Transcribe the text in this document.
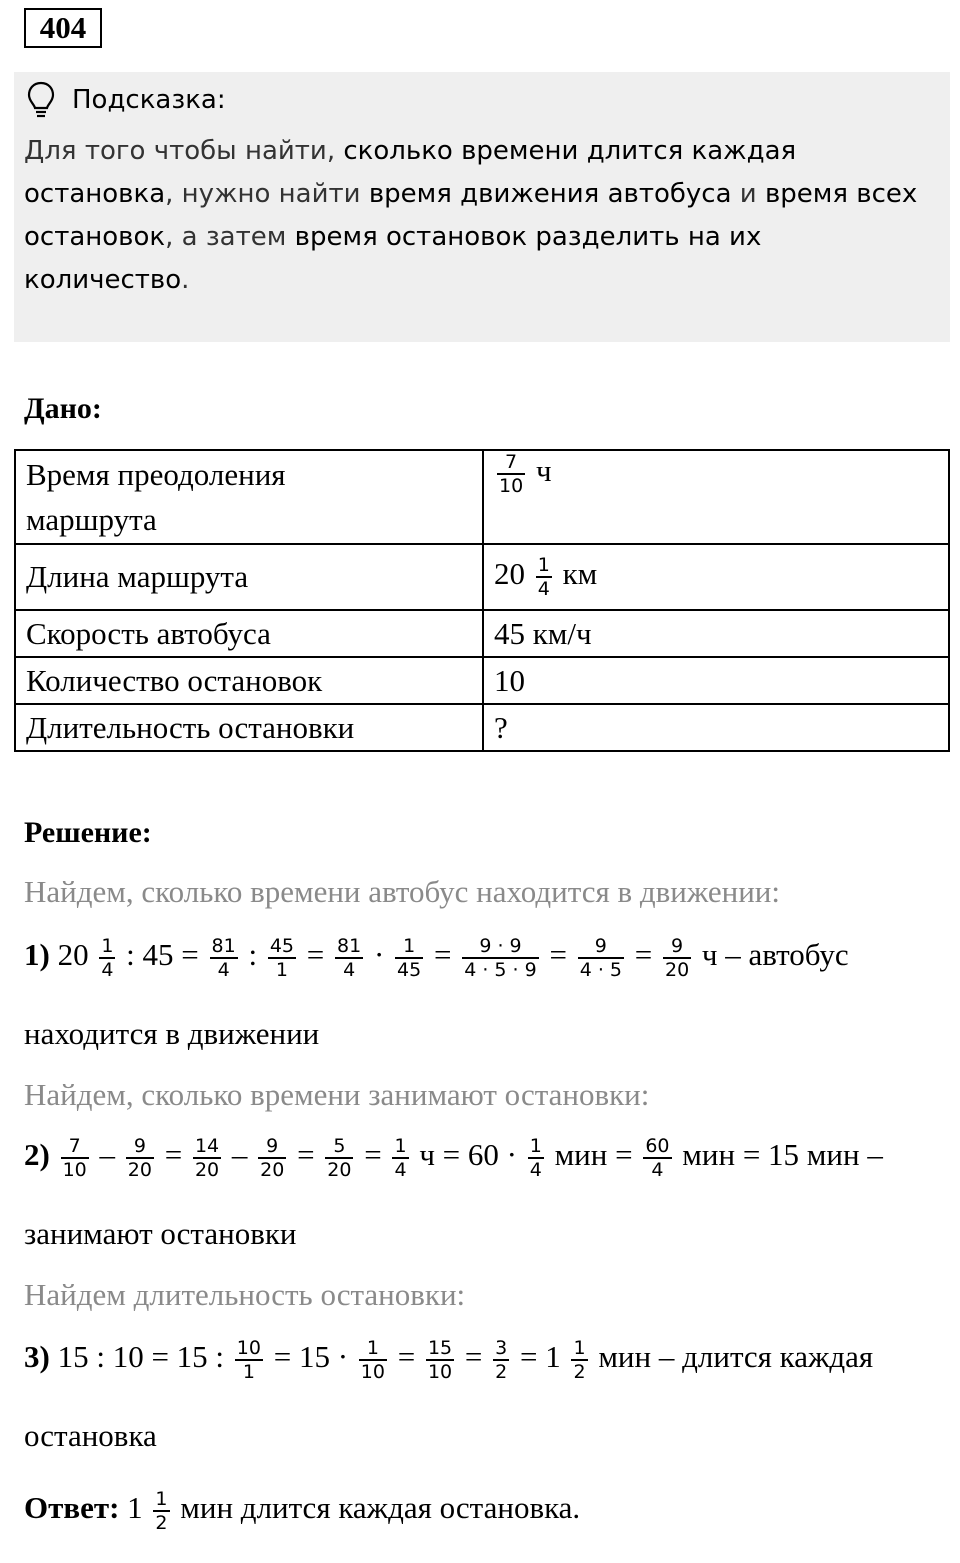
404
Подсказка:
Для того чтобы найти, сколько времени длится каждая остановка, нужно найти время движения автобуса и время всех остановок, а затем время остановок разделить на их количество.
Дано:
Время преодоления маршрута	$\frac{7}{10}$ ч
Длина маршрута	$20 \frac{1}{4}$ км
Скорость автобуса	45 км/ч
Количество остановок	10
Длительность остановки	?
Решение:
Найдем, сколько времени автобус находится в движении:
1) $20 \frac{1}{4}$ : $45 = \frac{81}{4}$ : $\frac{45}{1} = \frac{81}{4} \cdot \frac{1}{45} = \frac{9 \cdot 9}{4 \cdot 5 \cdot 9} = \frac{9}{4 \cdot 5} = \frac{9}{20}$ ч – автобус
находится в движении
Найдем, сколько времени занимают остановки:
$2) \frac{7}{10} - \frac{9}{20} = \frac{14}{20} - \frac{9}{20} = \frac{5}{20} = \frac{1}{4}$ $ч = 60 \cdot \frac{1}{4}$ мин = $\frac{60}{4}$ мин = 15 мин –
занимают остановки
Найдем длительность остановки:
3) 15 : 10 = 15 : $\frac{10}{1} = 15 \cdot \frac{1}{10} = \frac{15}{10} = \frac{3}{2} = 1 \frac{1}{2}$ мин – длится каждая
остановка
Ответ: $1 \frac{1}{2}$ мин длится каждая остановка.
